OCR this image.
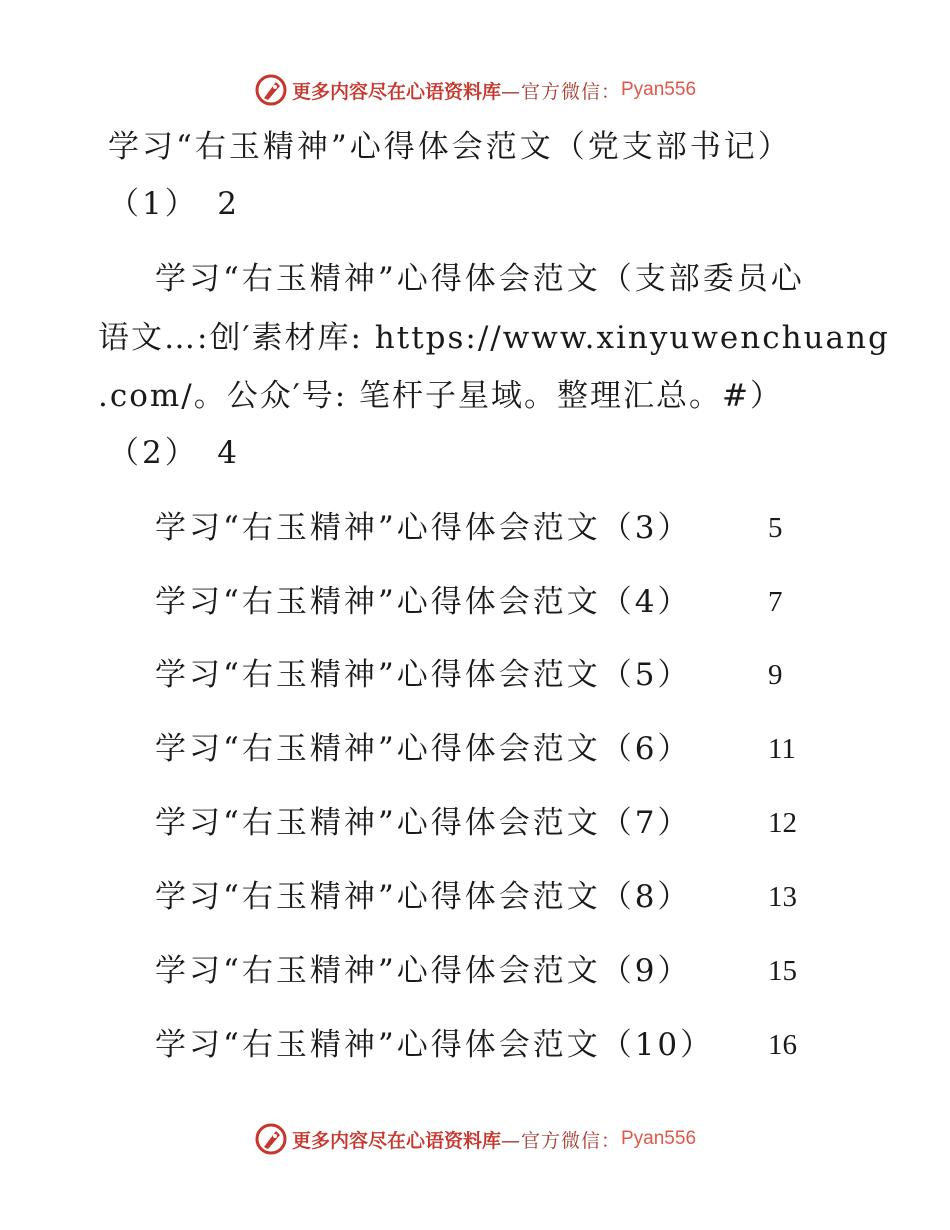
更多内容尽在心语资料库 —官方微信： Pyan556
学习“右玉精神”心得体会范文（党支部书记）
（1）　2
学习“右玉精神”心得体会范文（支部委员心
语文…:创′素材库: https://www.xinyuwenchuang
.com/。公众′号: 笔杆子星域。整理汇总。#）
（2）　4
学习“右玉精神”心得体会范文（3）	5
学习“右玉精神”心得体会范文（4）	7
学习“右玉精神”心得体会范文（5）	9
学习“右玉精神”心得体会范文（6）	11
学习“右玉精神”心得体会范文（7）	12
学习“右玉精神”心得体会范文（8）	13
学习“右玉精神”心得体会范文（9）	15
学习“右玉精神”心得体会范文（10） 16
更多内容尽在心语资料库 —官方微信： Pyan556
